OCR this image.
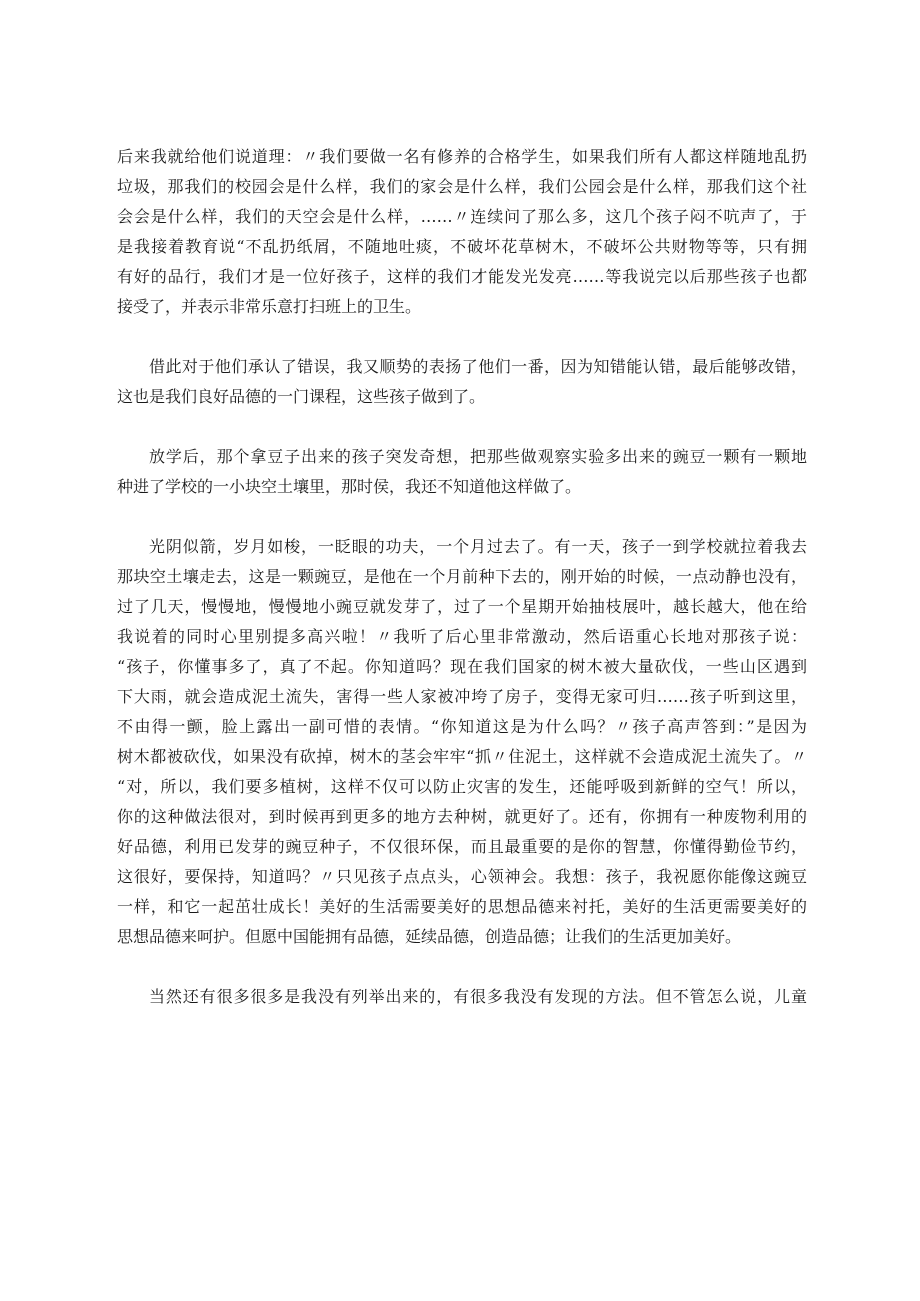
后来我就给他们说道理：〃我们要做一名有修养的合格学生，如果我们所有人都这样随地乱扔
垃圾，那我们的校园会是什么样，我们的家会是什么样，我们公园会是什么样，那我们这个社
会会是什么样，我们的天空会是什么样，……〃连续问了那么多，这几个孩子闷不吭声了，于
是我接着教育说“不乱扔纸屑，不随地吐痰，不破坏花草树木，不破坏公共财物等等，只有拥
有好的品行，我们才是一位好孩子，这样的我们才能发光发亮……等我说完以后那些孩子也都
接受了，并表示非常乐意打扫班上的卫生。
借此对于他们承认了错误，我又顺势的表扬了他们一番，因为知错能认错，最后能够改错，
这也是我们良好品德的一门课程，这些孩子做到了。
放学后，那个拿豆子出来的孩子突发奇想，把那些做观察实验多出来的豌豆一颗有一颗地
种进了学校的一小块空土壤里，那时侯，我还不知道他这样做了。
光阴似箭，岁月如梭，一眨眼的功夫，一个月过去了。有一天，孩子一到学校就拉着我去
那块空土壤走去，这是一颗豌豆，是他在一个月前种下去的，刚开始的时候，一点动静也没有，
过了几天，慢慢地，慢慢地小豌豆就发芽了，过了一个星期开始抽枝展叶，越长越大，他在给
我说着的同时心里别提多高兴啦！〃我听了后心里非常激动，然后语重心长地对那孩子说：
“孩子，你懂事多了，真了不起。你知道吗？现在我们国家的树木被大量砍伐，一些山区遇到
下大雨，就会造成泥土流失，害得一些人家被冲垮了房子，变得无家可归……孩子听到这里，
不由得一颤，脸上露出一副可惜的表情。“你知道这是为什么吗？〃孩子高声答到：”是因为
树木都被砍伐，如果没有砍掉，树木的茎会牢牢“抓〃住泥土，这样就不会造成泥土流失了。〃
“对，所以，我们要多植树，这样不仅可以防止灾害的发生，还能呼吸到新鲜的空气！所以，
你的这种做法很对，到时候再到更多的地方去种树，就更好了。还有，你拥有一种废物利用的
好品德，利用已发芽的豌豆种子，不仅很环保，而且最重要的是你的智慧，你懂得勤俭节约，
这很好，要保持，知道吗？〃只见孩子点点头，心领神会。我想：孩子，我祝愿你能像这豌豆
一样，和它一起茁壮成长！美好的生活需要美好的思想品德来衬托，美好的生活更需要美好的
思想品德来呵护。但愿中国能拥有品德，延续品德，创造品德；让我们的生活更加美好。
当然还有很多很多是我没有列举出来的，有很多我没有发现的方法。但不管怎么说，儿童
